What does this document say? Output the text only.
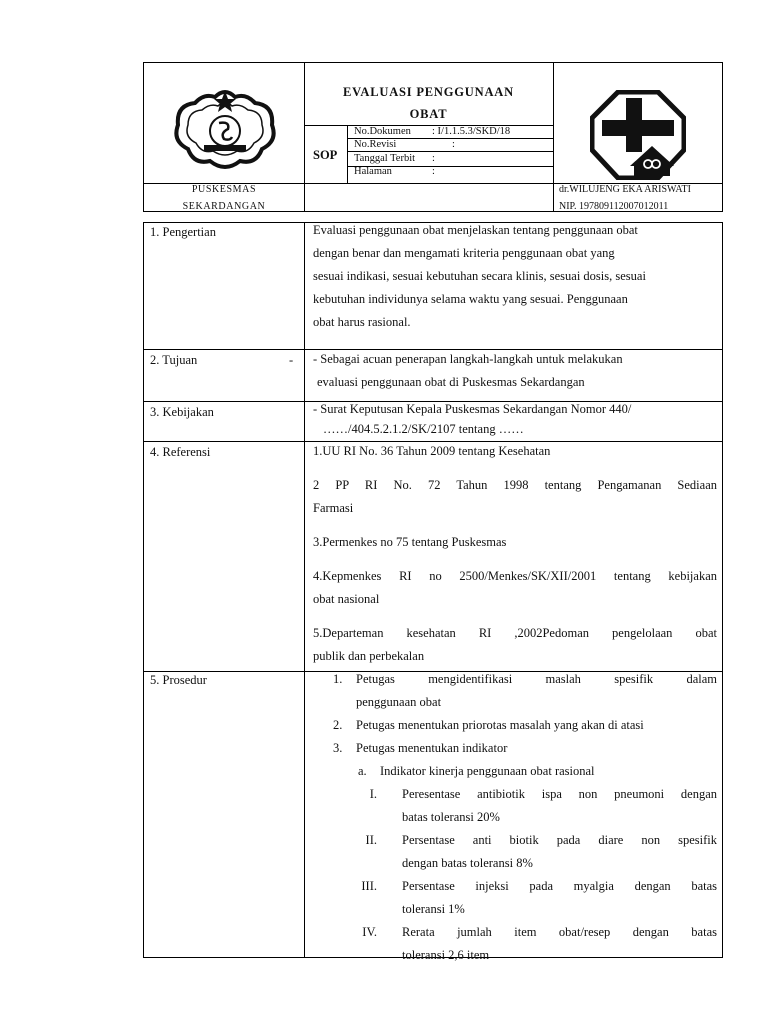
EVALUASI PENGGUNAAN
OBAT
SOP
No.Dokumen : I/1.1.5.3/SKD/18
No.Revisi	:
Tanggal Terbit :
Halaman	:
PUSKESMAS
SEKARDANGAN
dr.WILUJENG EKA ARISWATI
NIP. 197809112007012011
1. Pengertian	Evaluasi penggunaan obat menjelaskan tentang penggunaan obat
dengan benar dan mengamati kriteria penggunaan obat yang
sesuai indikasi, sesuai kebutuhan secara klinis, sesuai dosis, sesuai
kebutuhan individunya selama waktu yang sesuai. Penggunaan
obat harus rasional.
2. Tujuan	- - Sebagai acuan penerapan langkah-langkah untuk melakukan
evaluasi penggunaan obat di Puskesmas Sekardangan
3. Kebijakan	- Surat Keputusan Kepala Puskesmas Sekardangan Nomor 440/
……/404.5.2.1.2/SK/2107 tentang ……
4. Referensi	1.UU RI No. 36 Tahun 2009 tentang Kesehatan
2 PP RI No. 72 Tahun 1998 tentang Pengamanan Sediaan
Farmasi
3.Permenkes no 75 tentang Puskesmas
4.Kepmenkes RI no 2500/Menkes/SK/XII/2001 tentang kebijakan
obat nasional
5.Departeman kesehatan RI ,2002Pedoman pengelolaan obat
publik dan perbekalan
5. Prosedur	1. Petugas mengidentifikasi maslah spesifik dalam
penggunaan obat
2. Petugas menentukan priorotas masalah yang akan di atasi
3. Petugas menentukan indikator
a. Indikator kinerja penggunaan obat rasional
I. Peresentase antibiotik ispa non pneumoni dengan
batas toleransi 20%
II. Persentase anti biotik pada diare non spesifik
dengan batas toleransi 8%
III. Persentase injeksi pada myalgia dengan batas
toleransi 1%
IV. Rerata jumlah item obat/resep dengan batas
toleransi 2,6 item
